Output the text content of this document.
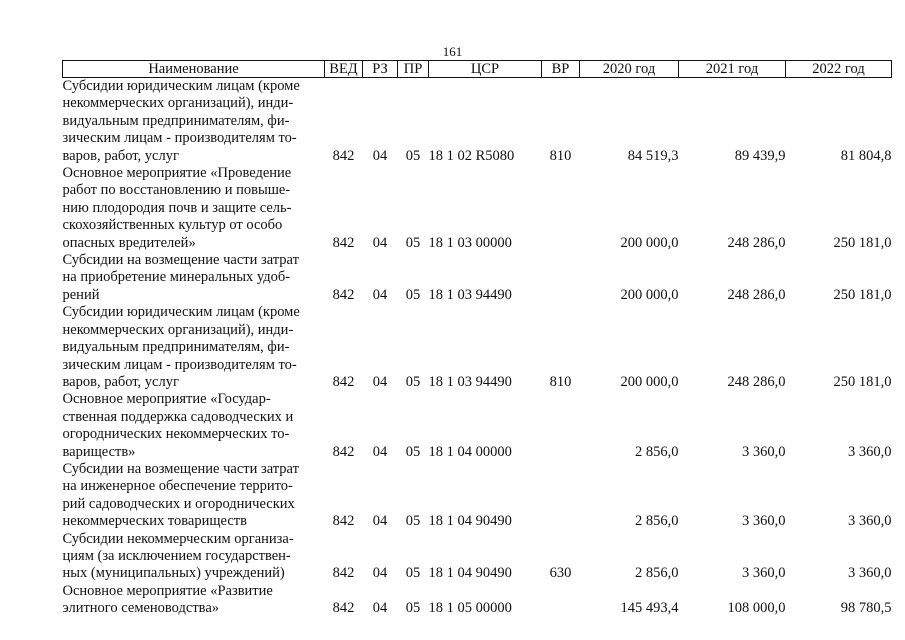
161
Наименование	ВЕД	РЗ	ПР	ЦСР	ВР	2020 год	2021 год	2022 год

Субсидии юридическим лицам (кроме
некоммерческих организаций), инди-
видуальным предпринимателям, фи-
зическим лицам - производителям то-
варов, работ, услуг	842	04	05	18 1 02 R5080	810	84 519,3	89 439,9	81 804,8

Основное мероприятие «Проведение
работ по восстановлению и повыше-
нию плодородия почв и защите сель-
скохозяйственных культур от особо
опасных вредителей»	842	04	05	18 1 03 00000		200 000,0	248 286,0	250 181,0

Субсидии на возмещение части затрат
на приобретение минеральных удоб-
рений	842	04	05	18 1 03 94490		200 000,0	248 286,0	250 181,0

Субсидии юридическим лицам (кроме
некоммерческих организаций), инди-
видуальным предпринимателям, фи-
зическим лицам - производителям то-
варов, работ, услуг	842	04	05	18 1 03 94490	810	200 000,0	248 286,0	250 181,0

Основное мероприятие «Государ-
ственная поддержка садоводческих и
огороднических некоммерческих то-
вариществ»	842	04	05	18 1 04 00000		2 856,0	3 360,0	3 360,0

Субсидии на возмещение части затрат
на инженерное обеспечение террито-
рий садоводческих и огороднических
некоммерческих товариществ	842	04	05	18 1 04 90490		2 856,0	3 360,0	3 360,0

Субсидии некоммерческим организа-
циям (за исключением государствен-
ных (муниципальных) учреждений)	842	04	05	18 1 04 90490	630	2 856,0	3 360,0	3 360,0

Основное мероприятие «Развитие
элитного семеноводства»	842	04	05	18 1 05 00000		145 493,4	108 000,0	98 780,5
